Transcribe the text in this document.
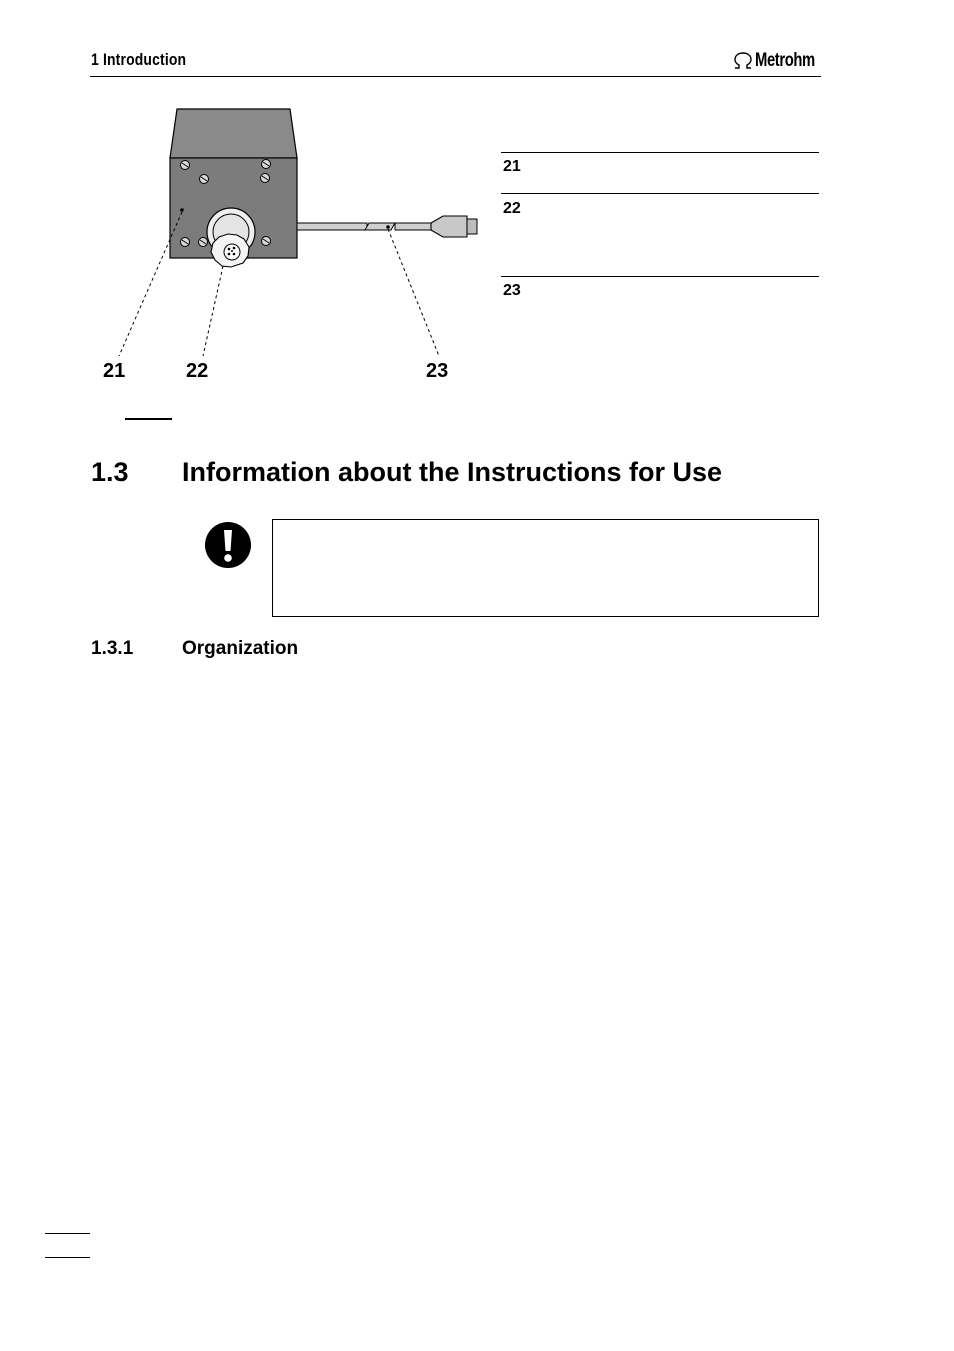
1 Introduction	Metrohm
21	22	23
21
22
23
1.3 Information about the Instructions for Use
1.3.1	Organization
